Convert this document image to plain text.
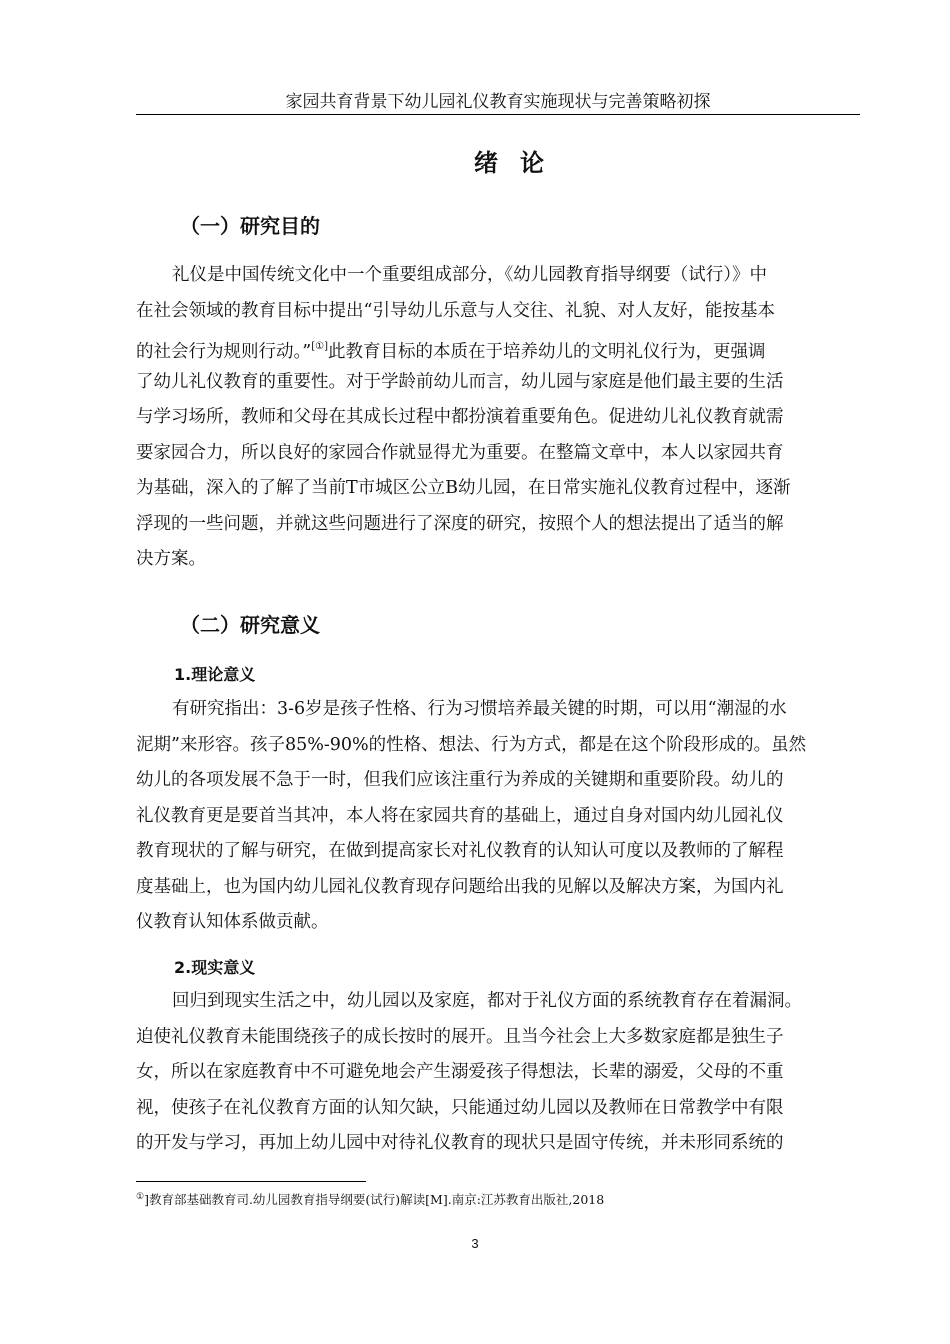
家园共育背景下幼儿园礼仪教育实施现状与完善策略初探
绪论
（一）研究目的
礼仪是中国传统文化中一个重要组成部分，《幼儿园教育指导纲要（试行）》中
在社会领域的教育目标中提出“引导幼儿乐意与人交往、礼貌、对人友好，能按基本
的社会行为规则行动。”[①]此教育目标的本质在于培养幼儿的文明礼仪行为，更强调
了幼儿礼仪教育的重要性。对于学龄前幼儿而言，幼儿园与家庭是他们最主要的生活
与学习场所，教师和父母在其成长过程中都扮演着重要角色。促进幼儿礼仪教育就需
要家园合力，所以良好的家园合作就显得尤为重要。在整篇文章中，本人以家园共育
为基础，深入的了解了当前T市城区公立B幼儿园，在日常实施礼仪教育过程中，逐渐
浮现的一些问题，并就这些问题进行了深度的研究，按照个人的想法提出了适当的解
决方案。
（二）研究意义
1.理论意义
有研究指出：3-6岁是孩子性格、行为习惯培养最关键的时期，可以用“潮湿的水
泥期”来形容。孩子85%-90%的性格、想法、行为方式，都是在这个阶段形成的。虽然
幼儿的各项发展不急于一时，但我们应该注重行为养成的关键期和重要阶段。幼儿的
礼仪教育更是要首当其冲，本人将在家园共育的基础上，通过自身对国内幼儿园礼仪
教育现状的了解与研究，在做到提高家长对礼仪教育的认知认可度以及教师的了解程
度基础上，也为国内幼儿园礼仪教育现存问题给出我的见解以及解决方案，为国内礼
仪教育认知体系做贡献。
2.现实意义
回归到现实生活之中，幼儿园以及家庭，都对于礼仪方面的系统教育存在着漏洞。
迫使礼仪教育未能围绕孩子的成长按时的展开。且当今社会上大多数家庭都是独生子
女，所以在家庭教育中不可避免地会产生溺爱孩子得想法，长辈的溺爱，父母的不重
视，使孩子在礼仪教育方面的认知欠缺，只能通过幼儿园以及教师在日常教学中有限
的开发与学习，再加上幼儿园中对待礼仪教育的现状只是固守传统，并未形同系统的
①]教育部基础教育司.幼儿园教育指导纲要(试行)解读[M].南京:江苏教育出版社,2018
3
